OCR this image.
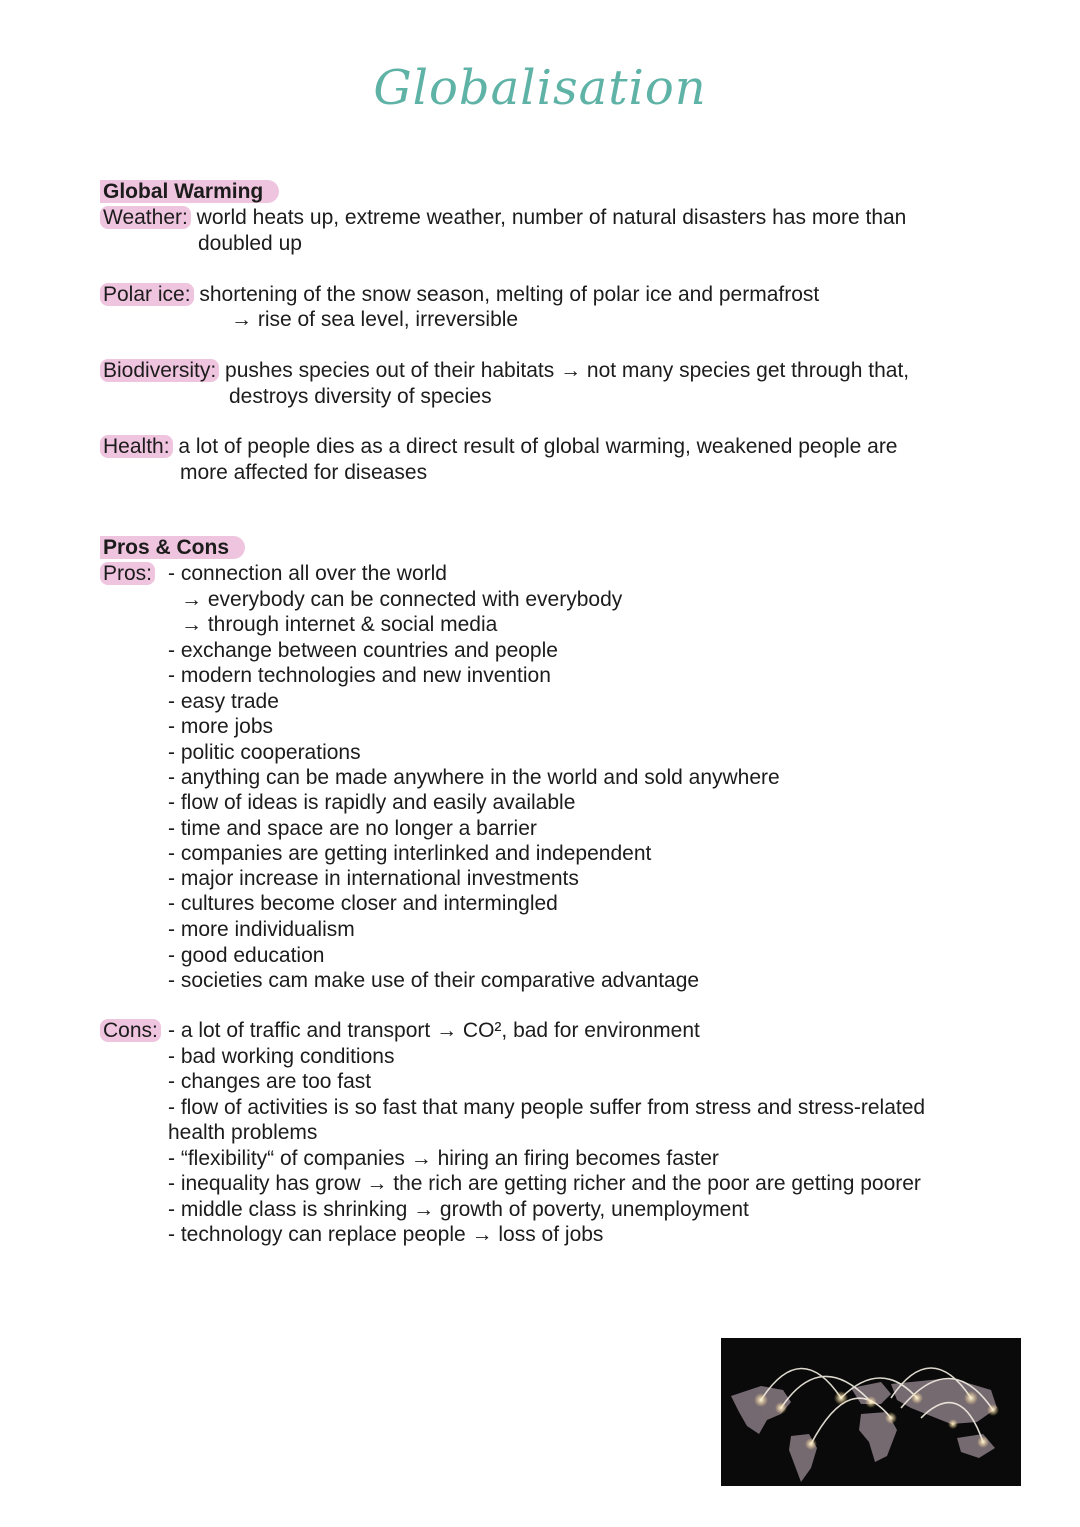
Globalisation
Global Warming
Weather: world heats up, extreme weather, number of natural disasters has more than
doubled up
Polar ice: shortening of the snow season, melting of polar ice and permafrost
→ rise of sea level, irreversible
Biodiversity: pushes species out of their habitats → not many species get through that,
destroys diversity of species
Health: a lot of people dies as a direct result of global warming, weakened people are
more affected for diseases
Pros & Cons
Pros: - connection all over the world
→ everybody can be connected with everybody
→ through internet & social media
- exchange between countries and people
- modern technologies and new invention
- easy trade
- more jobs
- politic cooperations
- anything can be made anywhere in the world and sold anywhere
- flow of ideas is rapidly and easily available
- time and space are no longer a barrier
- companies are getting interlinked and independent
- major increase in international investments
- cultures become closer and intermingled
- more individualism
- good education
- societies cam make use of their comparative advantage
Cons: - a lot of traffic and transport → CO², bad for environment
- bad working conditions
- changes are too fast
- flow of activities is so fast that many people suffer from stress and stress-related
health problems
- “flexibility“ of companies → hiring an firing becomes faster
- inequality has grow → the rich are getting richer and the poor are getting poorer
- middle class is shrinking → growth of poverty, unemployment
- technology can replace people → loss of jobs
